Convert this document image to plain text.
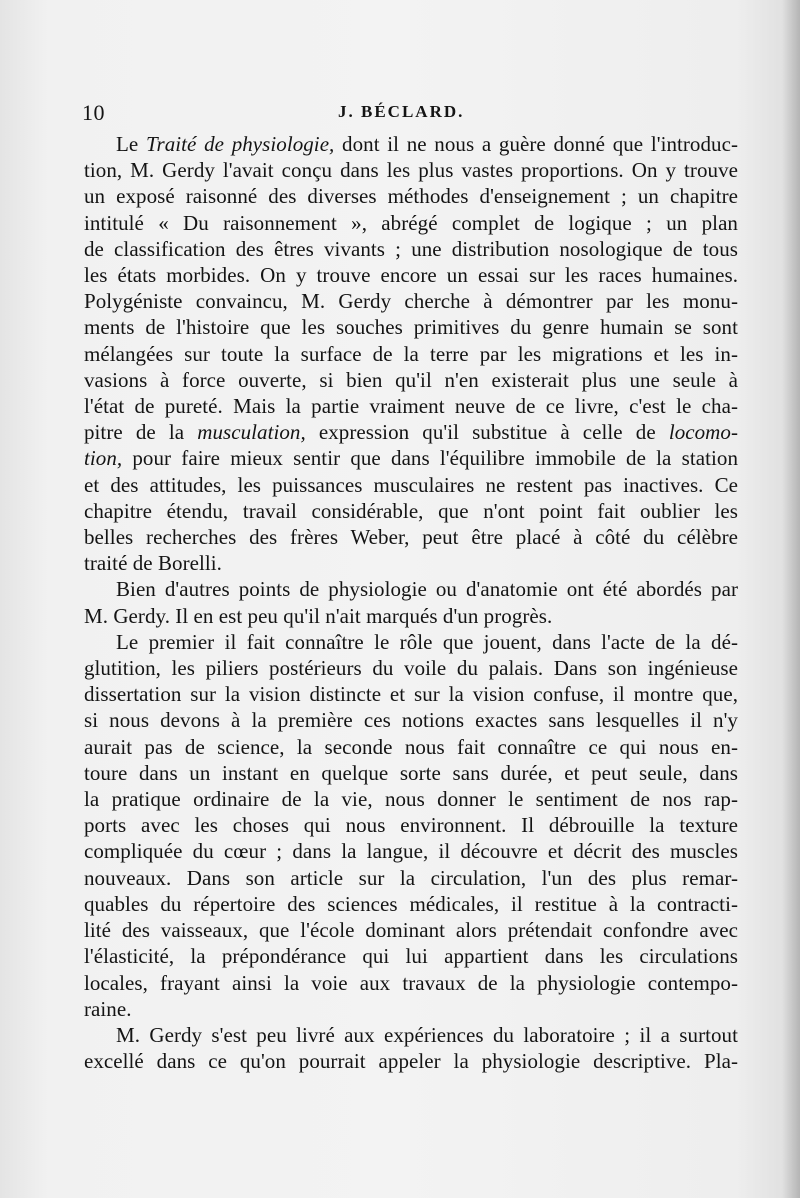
10	J. BÉCLARD.
Le Traité de physiologie, dont il ne nous a guère donné que l'introduc-
tion, M. Gerdy l'avait conçu dans les plus vastes proportions. On y trouve
un exposé raisonné des diverses méthodes d'enseignement ; un chapitre
intitulé « Du raisonnement », abrégé complet de logique ; un plan
de classification des êtres vivants ; une distribution nosologique de tous
les états morbides. On y trouve encore un essai sur les races humaines.
Polygéniste convaincu, M. Gerdy cherche à démontrer par les monu-
ments de l'histoire que les souches primitives du genre humain se sont
mélangées sur toute la surface de la terre par les migrations et les in-
vasions à force ouverte, si bien qu'il n'en existerait plus une seule à
l'état de pureté. Mais la partie vraiment neuve de ce livre, c'est le cha-
pitre de la musculation, expression qu'il substitue à celle de locomo-
tion, pour faire mieux sentir que dans l'équilibre immobile de la station
et des attitudes, les puissances musculaires ne restent pas inactives. Ce
chapitre étendu, travail considérable, que n'ont point fait oublier les
belles recherches des frères Weber, peut être placé à côté du célèbre
traité de Borelli.
Bien d'autres points de physiologie ou d'anatomie ont été abordés par
M. Gerdy. Il en est peu qu'il n'ait marqués d'un progrès.
Le premier il fait connaître le rôle que jouent, dans l'acte de la dé-
glutition, les piliers postérieurs du voile du palais. Dans son ingénieuse
dissertation sur la vision distincte et sur la vision confuse, il montre que,
si nous devons à la première ces notions exactes sans lesquelles il n'y
aurait pas de science, la seconde nous fait connaître ce qui nous en-
toure dans un instant en quelque sorte sans durée, et peut seule, dans
la pratique ordinaire de la vie, nous donner le sentiment de nos rap-
ports avec les choses qui nous environnent. Il débrouille la texture
compliquée du cœur ; dans la langue, il découvre et décrit des muscles
nouveaux. Dans son article sur la circulation, l'un des plus remar-
quables du répertoire des sciences médicales, il restitue à la contracti-
lité des vaisseaux, que l'école dominant alors prétendait confondre avec
l'élasticité, la prépondérance qui lui appartient dans les circulations
locales, frayant ainsi la voie aux travaux de la physiologie contempo-
raine.
M. Gerdy s'est peu livré aux expériences du laboratoire ; il a surtout
excellé dans ce qu'on pourrait appeler la physiologie descriptive. Pla-
